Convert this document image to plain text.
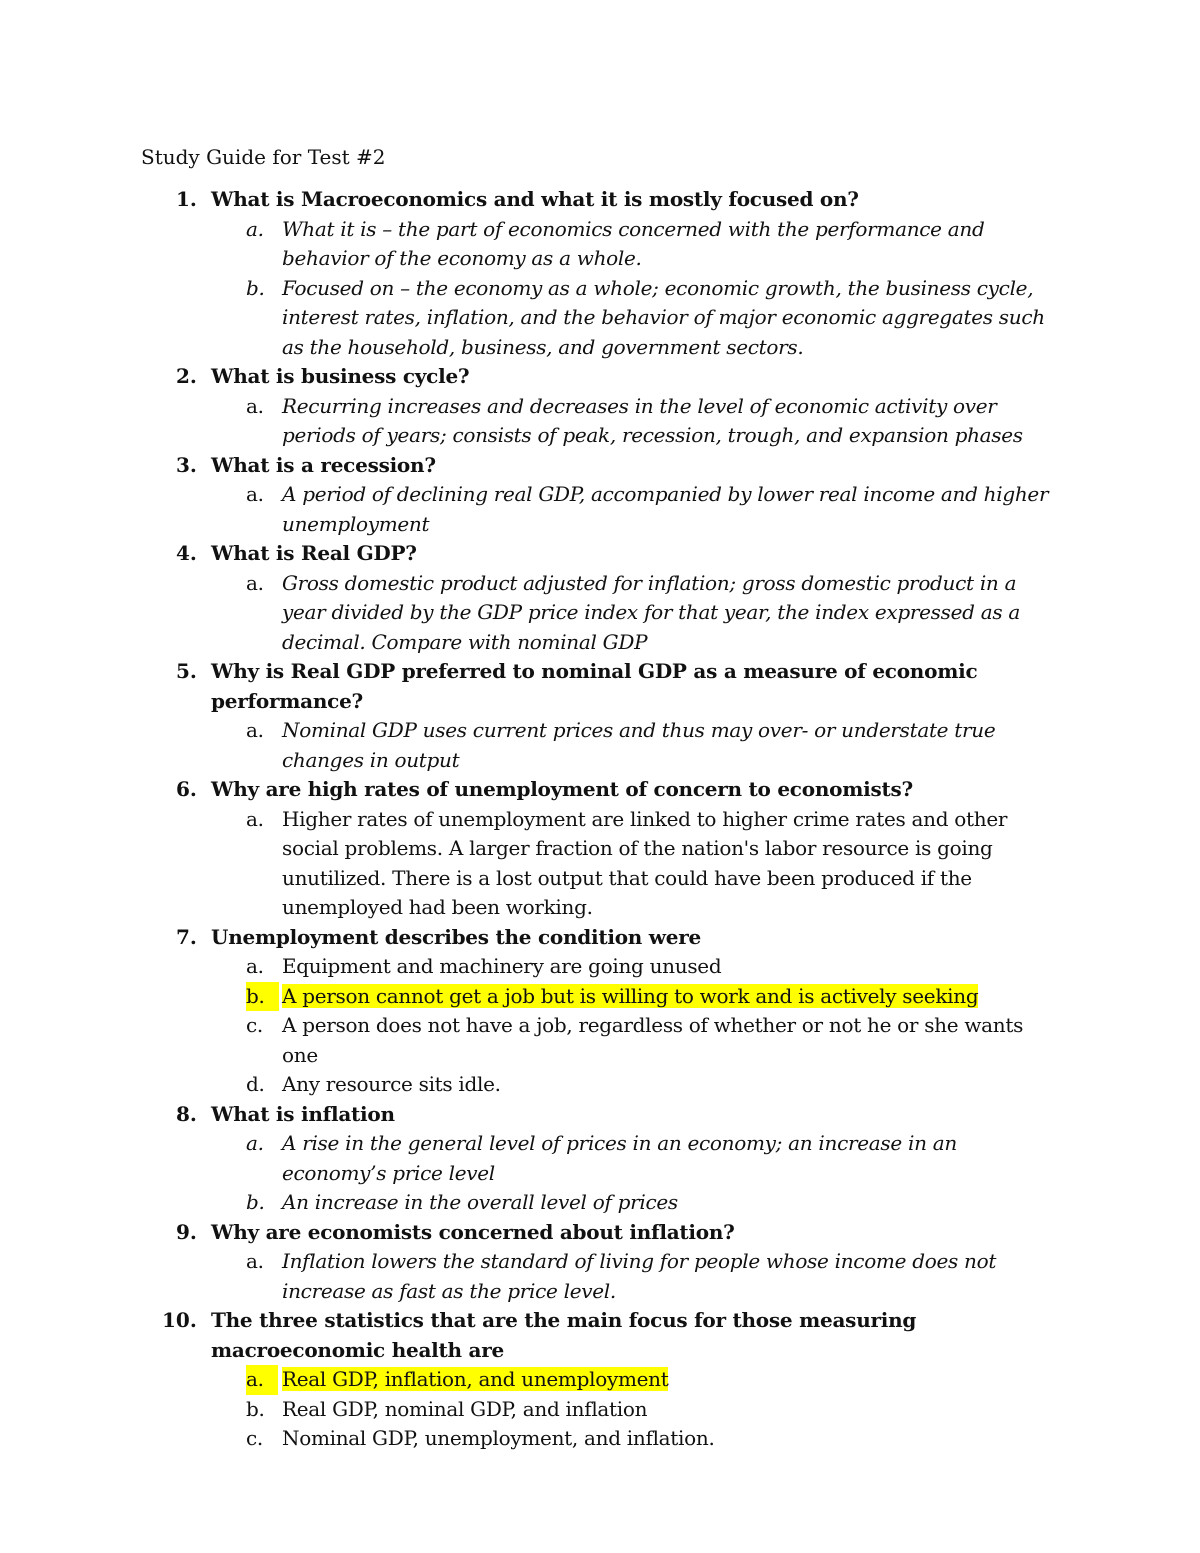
Study Guide for Test #2
1. What is Macroeconomics and what it is mostly focused on?
a. What it is – the part of economics concerned with the performance and behavior of the economy as a whole.
b. Focused on – the economy as a whole; economic growth, the business cycle, interest rates, inflation, and the behavior of major economic aggregates such as the household, business, and government sectors.
2. What is business cycle?
a. Recurring increases and decreases in the level of economic activity over periods of years; consists of peak, recession, trough, and expansion phases
3. What is a recession?
a. A period of declining real GDP, accompanied by lower real income and higher unemployment
4. What is Real GDP?
a. Gross domestic product adjusted for inflation; gross domestic product in a year divided by the GDP price index for that year, the index expressed as a decimal. Compare with nominal GDP
5. Why is Real GDP preferred to nominal GDP as a measure of economic performance?
a. Nominal GDP uses current prices and thus may over- or understate true changes in output
6. Why are high rates of unemployment of concern to economists?
a. Higher rates of unemployment are linked to higher crime rates and other social problems. A larger fraction of the nation's labor resource is going unutilized. There is a lost output that could have been produced if the unemployed had been working.
7. Unemployment describes the condition were
a. Equipment and machinery are going unused
b. A person cannot get a job but is willing to work and is actively seeking
c. A person does not have a job, regardless of whether or not he or she wants one
d. Any resource sits idle.
8. What is inflation
a. A rise in the general level of prices in an economy; an increase in an economy’s price level
b. An increase in the overall level of prices
9. Why are economists concerned about inflation?
a. Inflation lowers the standard of living for people whose income does not increase as fast as the price level.
10. The three statistics that are the main focus for those measuring macroeconomic health are
a. Real GDP, inflation, and unemployment
b. Real GDP, nominal GDP, and inflation
c. Nominal GDP, unemployment, and inflation.
